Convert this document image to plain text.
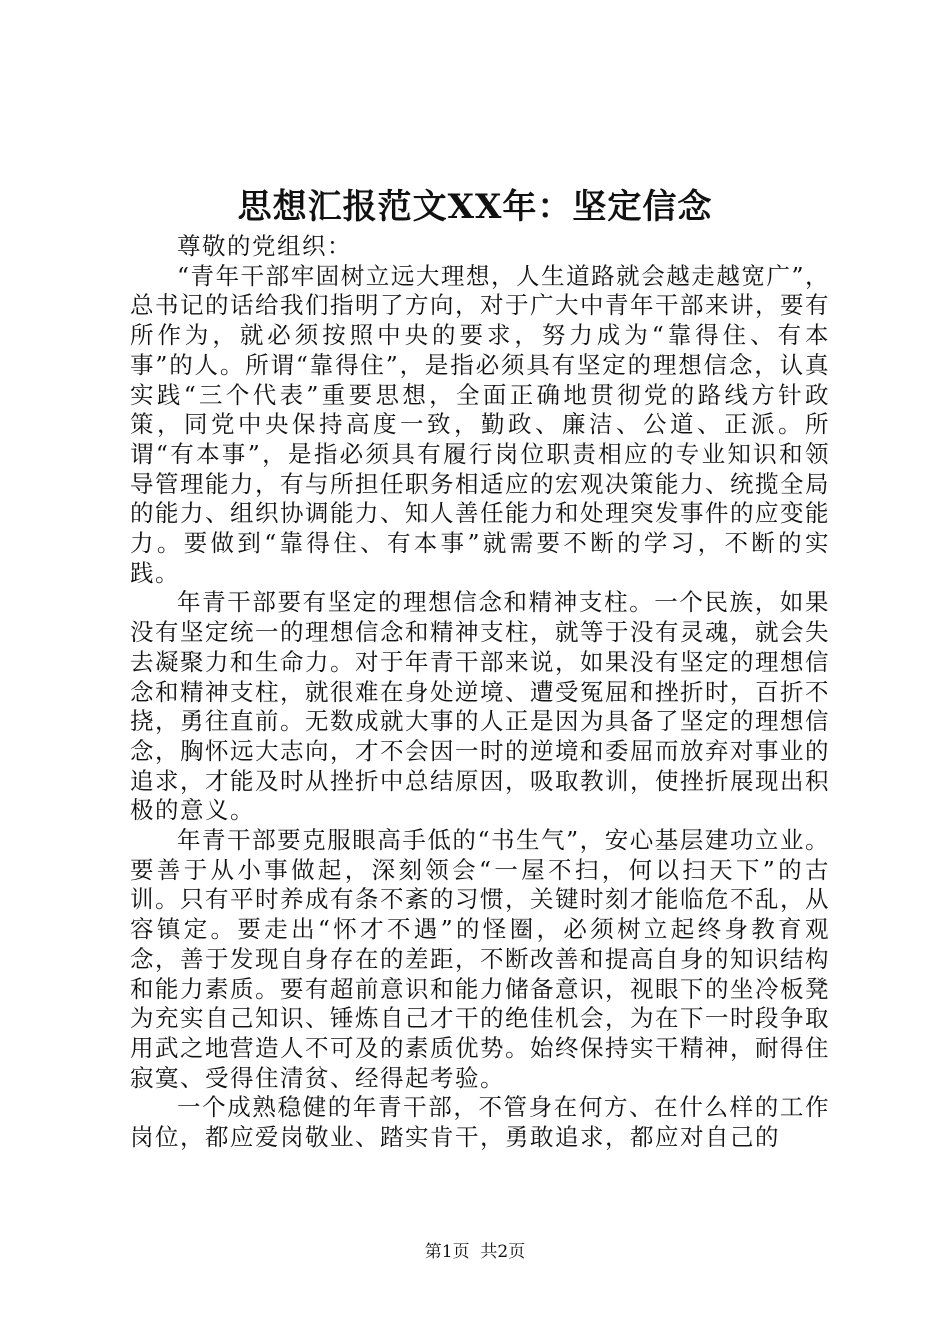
思想汇报范文XX年：坚定信念

尊敬的党组织：

“青年干部牢固树立远大理想，人生道路就会越走越宽广”，总书记的话给我们指明了方向，对于广大中青年干部来讲，要有所作为，就必须按照中央的要求，努力成为“靠得住、有本事”的人。所谓“靠得住”，是指必须具有坚定的理想信念，认真实践“三个代表”重要思想，全面正确地贯彻党的路线方针政策，同党中央保持高度一致，勤政、廉洁、公道、正派。所谓“有本事”，是指必须具有履行岗位职责相应的专业知识和领导管理能力，有与所担任职务相适应的宏观决策能力、统揽全局的能力、组织协调能力、知人善任能力和处理突发事件的应变能力。要做到“靠得住、有本事”就需要不断的学习，不断的实践。

年青干部要有坚定的理想信念和精神支柱。一个民族，如果没有坚定统一的理想信念和精神支柱，就等于没有灵魂，就会失去凝聚力和生命力。对于年青干部来说，如果没有坚定的理想信念和精神支柱，就很难在身处逆境、遭受冤屈和挫折时，百折不挠，勇往直前。无数成就大事的人正是因为具备了坚定的理想信念，胸怀远大志向，才不会因一时的逆境和委屈而放弃对事业的追求，才能及时从挫折中总结原因，吸取教训，使挫折展现出积极的意义。

年青干部要克服眼高手低的“书生气”，安心基层建功立业。要善于从小事做起，深刻领会“一屋不扫，何以扫天下”的古训。只有平时养成有条不紊的习惯，关键时刻才能临危不乱，从容镇定。要走出“怀才不遇”的怪圈，必须树立起终身教育观念，善于发现自身存在的差距，不断改善和提高自身的知识结构和能力素质。要有超前意识和能力储备意识，视眼下的坐冷板凳为充实自己知识、锤炼自己才干的绝佳机会，为在下一时段争取用武之地营造人不可及的素质优势。始终保持实干精神，耐得住寂寞、受得住清贫、经得起考验。

一个成熟稳健的年青干部，不管身在何方、在什么样的工作岗位，都应爱岗敬业、踏实肯干，勇敢追求，都应对自己的

第1页 共2页
